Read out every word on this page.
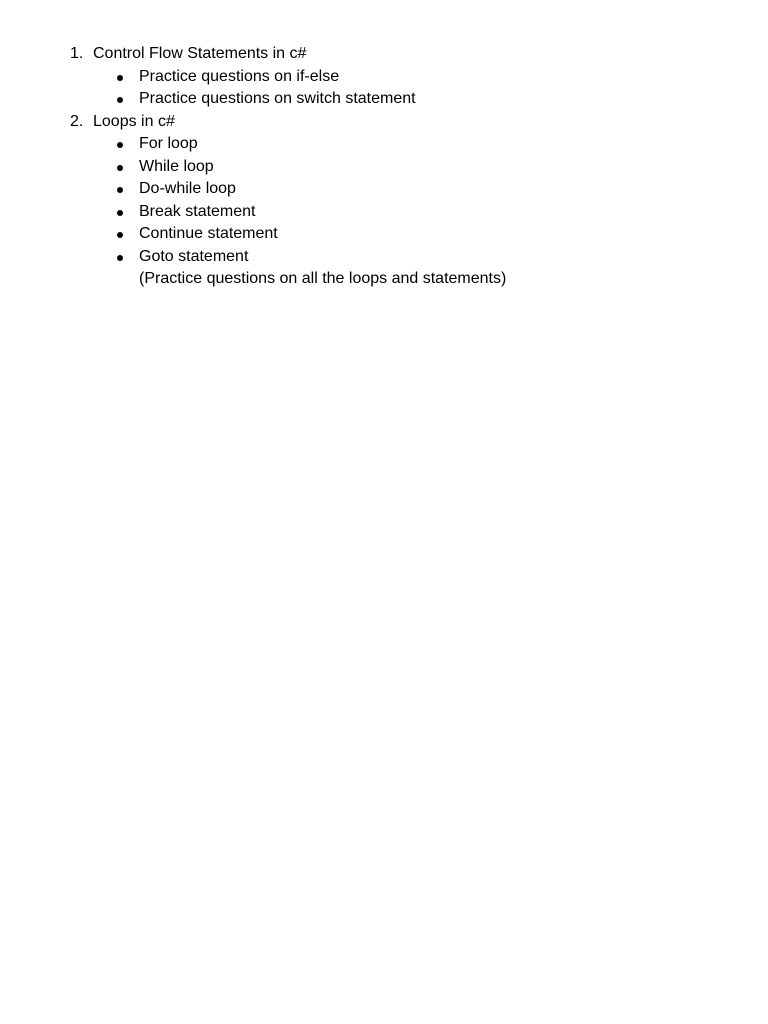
1. Control Flow Statements in c#
Practice questions on if-else
Practice questions on switch statement
2. Loops in c#
For loop
While loop
Do-while loop
Break statement
Continue statement
Goto statement
(Practice questions on all the loops and statements)
